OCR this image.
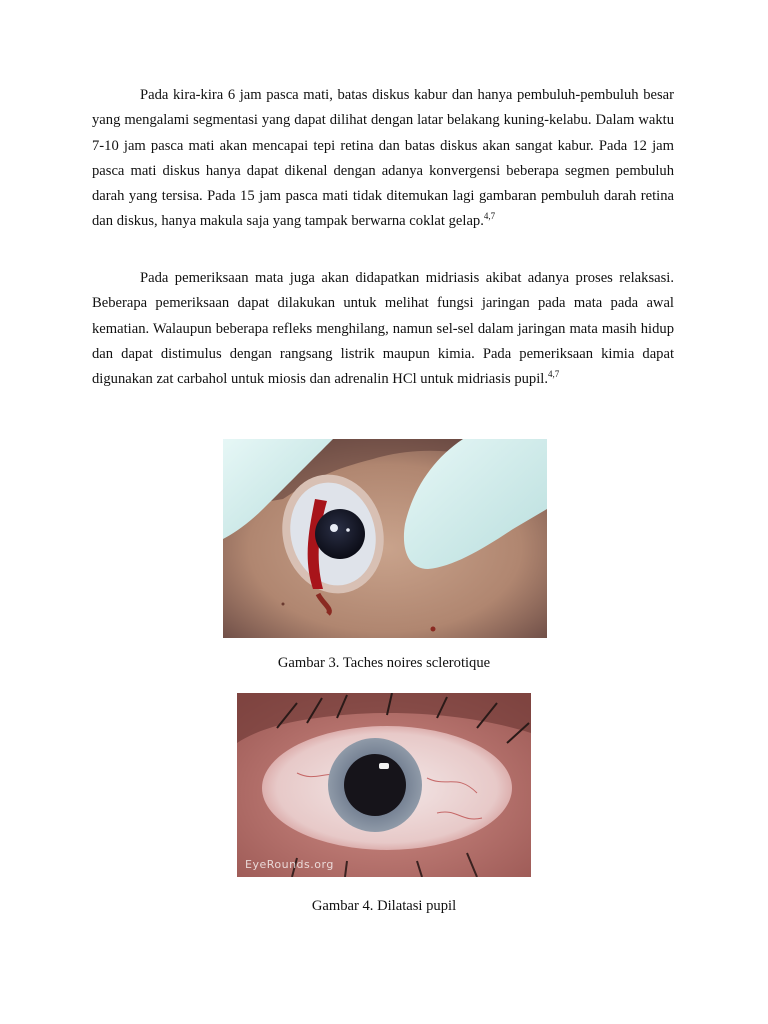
Pada kira-kira 6 jam pasca mati, batas diskus kabur dan hanya pembuluh-pembuluh besar yang mengalami segmentasi yang dapat dilihat dengan latar belakang kuning-kelabu. Dalam waktu 7-10 jam pasca mati akan mencapai tepi retina dan batas diskus akan sangat kabur. Pada 12 jam pasca mati diskus hanya dapat dikenal dengan adanya konvergensi beberapa segmen pembuluh darah yang tersisa. Pada 15 jam pasca mati tidak ditemukan lagi gambaran pembuluh darah retina dan diskus, hanya makula saja yang tampak berwarna coklat gelap.$^{4,7}$

Pada pemeriksaan mata juga akan didapatkan midriasis akibat adanya proses relaksasi. Beberapa pemeriksaan dapat dilakukan untuk melihat fungsi jaringan pada mata pada awal kematian. Walaupun beberapa refleks menghilang, namun sel-sel dalam jaringan mata masih hidup dan dapat distimulus dengan rangsang listrik maupun kimia. Pada pemeriksaan kimia dapat digunakan zat carbahol untuk miosis dan adrenalin HCl untuk midriasis pupil.$^{4,7}$

Gambar 3. Taches noires sclerotique
EyeRounds.org
Gambar 4. Dilatasi pupil
